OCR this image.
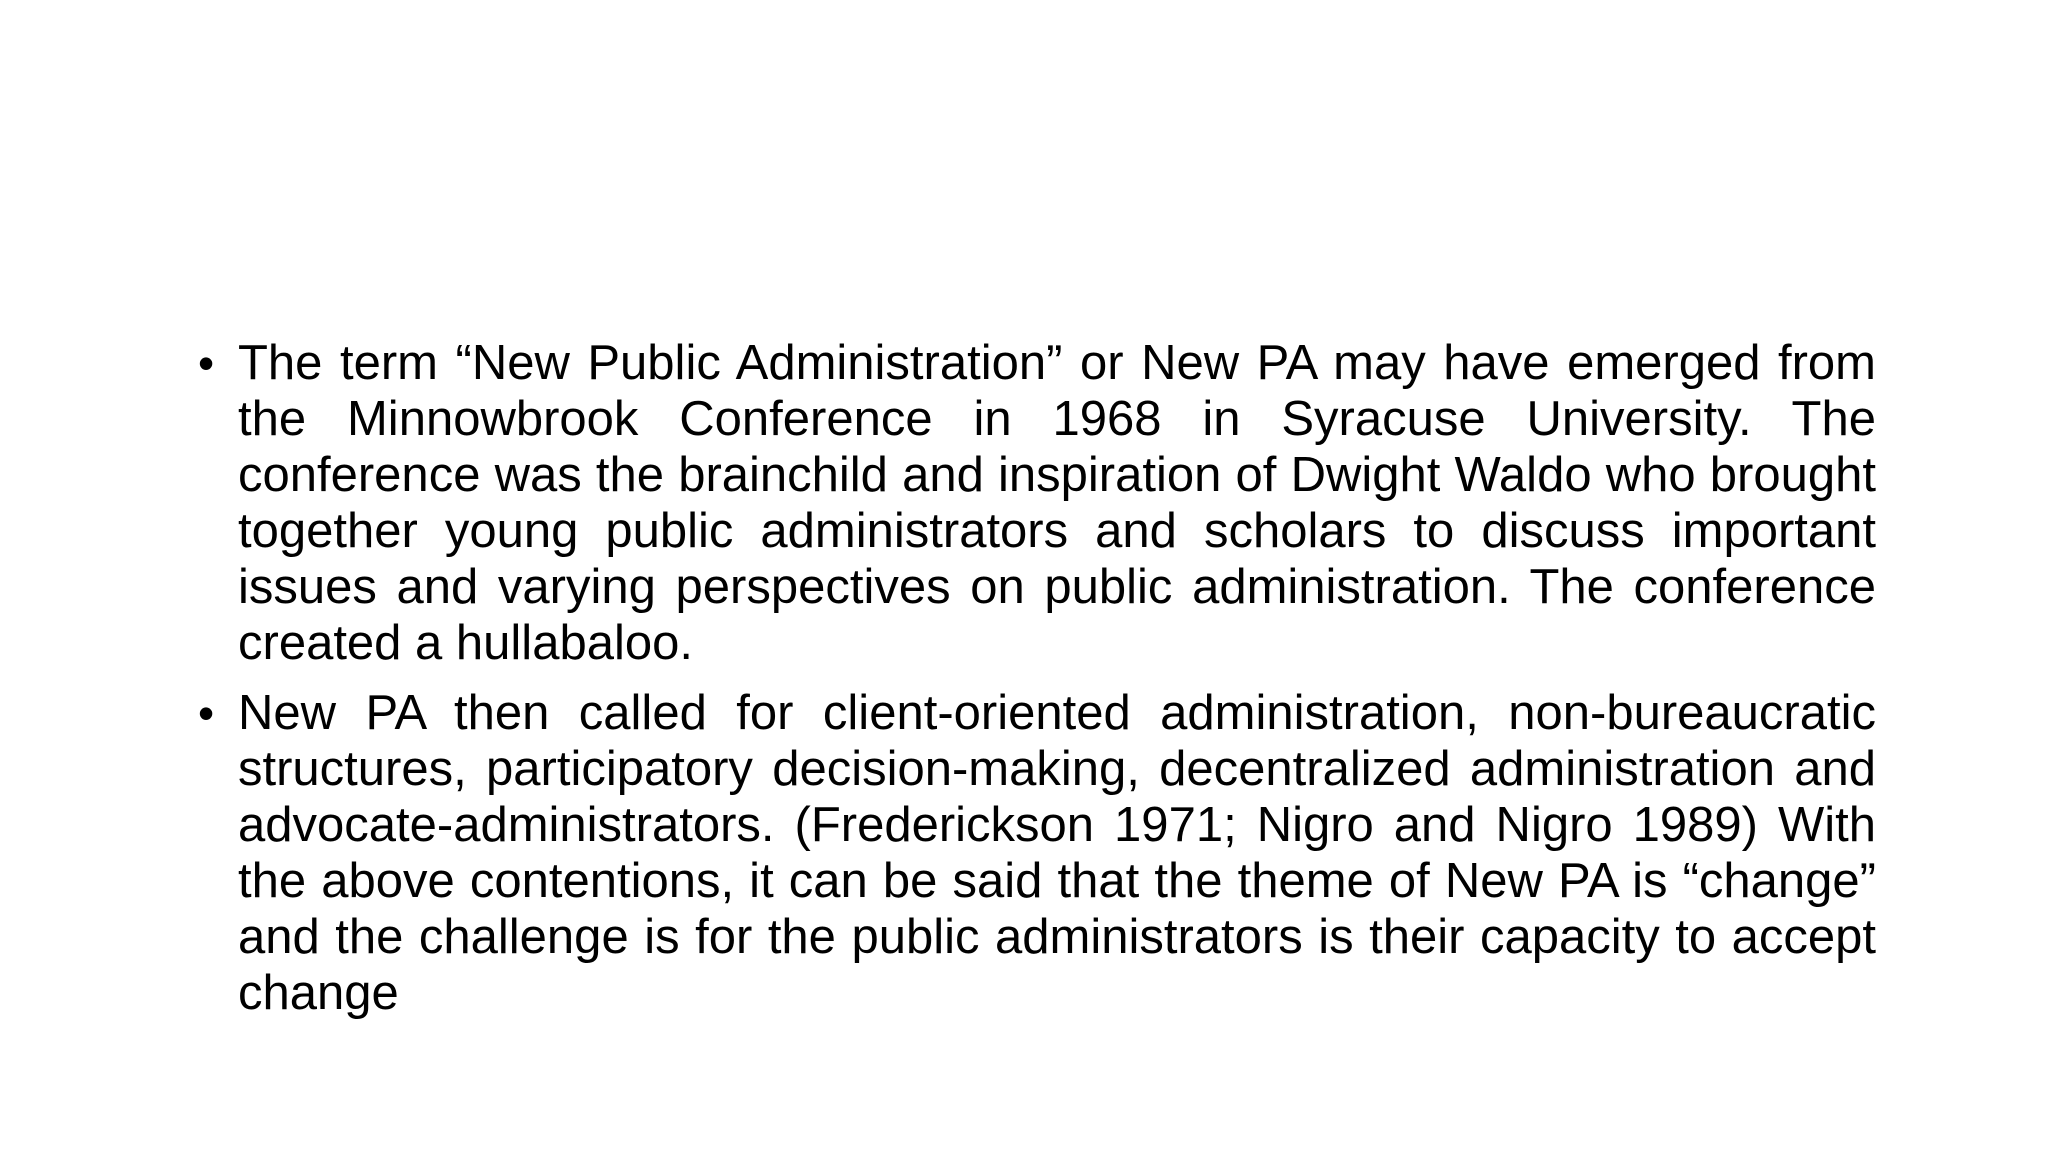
• The term “New Public Administration” or New PA may have emerged from the Minnowbrook Conference in 1968 in Syracuse University. The conference was the brainchild and inspiration of Dwight Waldo who brought together young public administrators and scholars to discuss important issues and varying perspectives on public administration. The conference created a hullabaloo.
• New PA then called for client-oriented administration, non-bureaucratic structures, participatory decision-making, decentralized administration and advocate-administrators. (Frederickson 1971; Nigro and Nigro 1989) With the above contentions, it can be said that the theme of New PA is “change” and the challenge is for the public administrators is their capacity to accept change
